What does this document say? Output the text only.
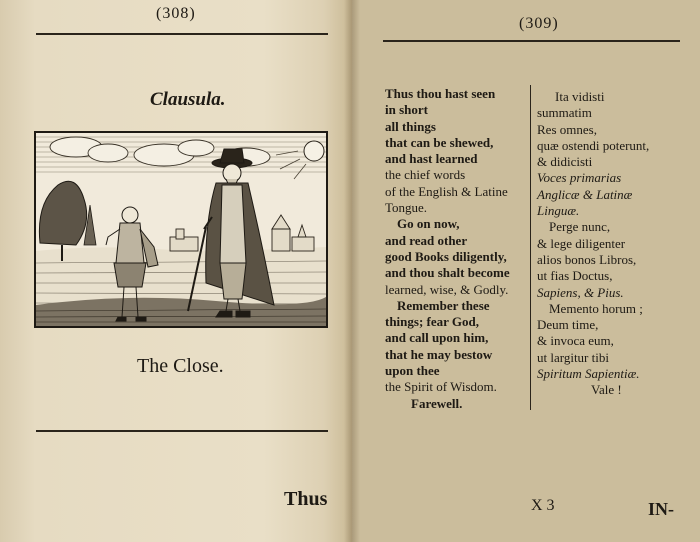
(308)
Clausula.
The Close.
Thus
(309)
Thus thou hast seen
in short
all things
that can be shewed,
and hast learned
the chief words
of the English & Latine
Tongue.
Go on now,
and read other
good Books diligently,
and thou shalt become
learned, wise, & Godly.
Remember these
things; fear God,
and call upon him,
that he may bestow
upon thee
the Spirit of Wisdom.
Farewell.
Ita vidisti
summatim
Res omnes,
quæ ostendi poterunt,
& didicisti
Voces primarias
Anglicæ & Latinæ
Linguæ.
Perge nunc,
& lege diligenter
alios bonos Libros,
ut fias Doctus,
Sapiens, & Pius.
Memento horum ;
Deum time,
& invoca eum,
ut largitur tibi
Spiritum Sapientiæ.
Vale !
X 3	IN-
